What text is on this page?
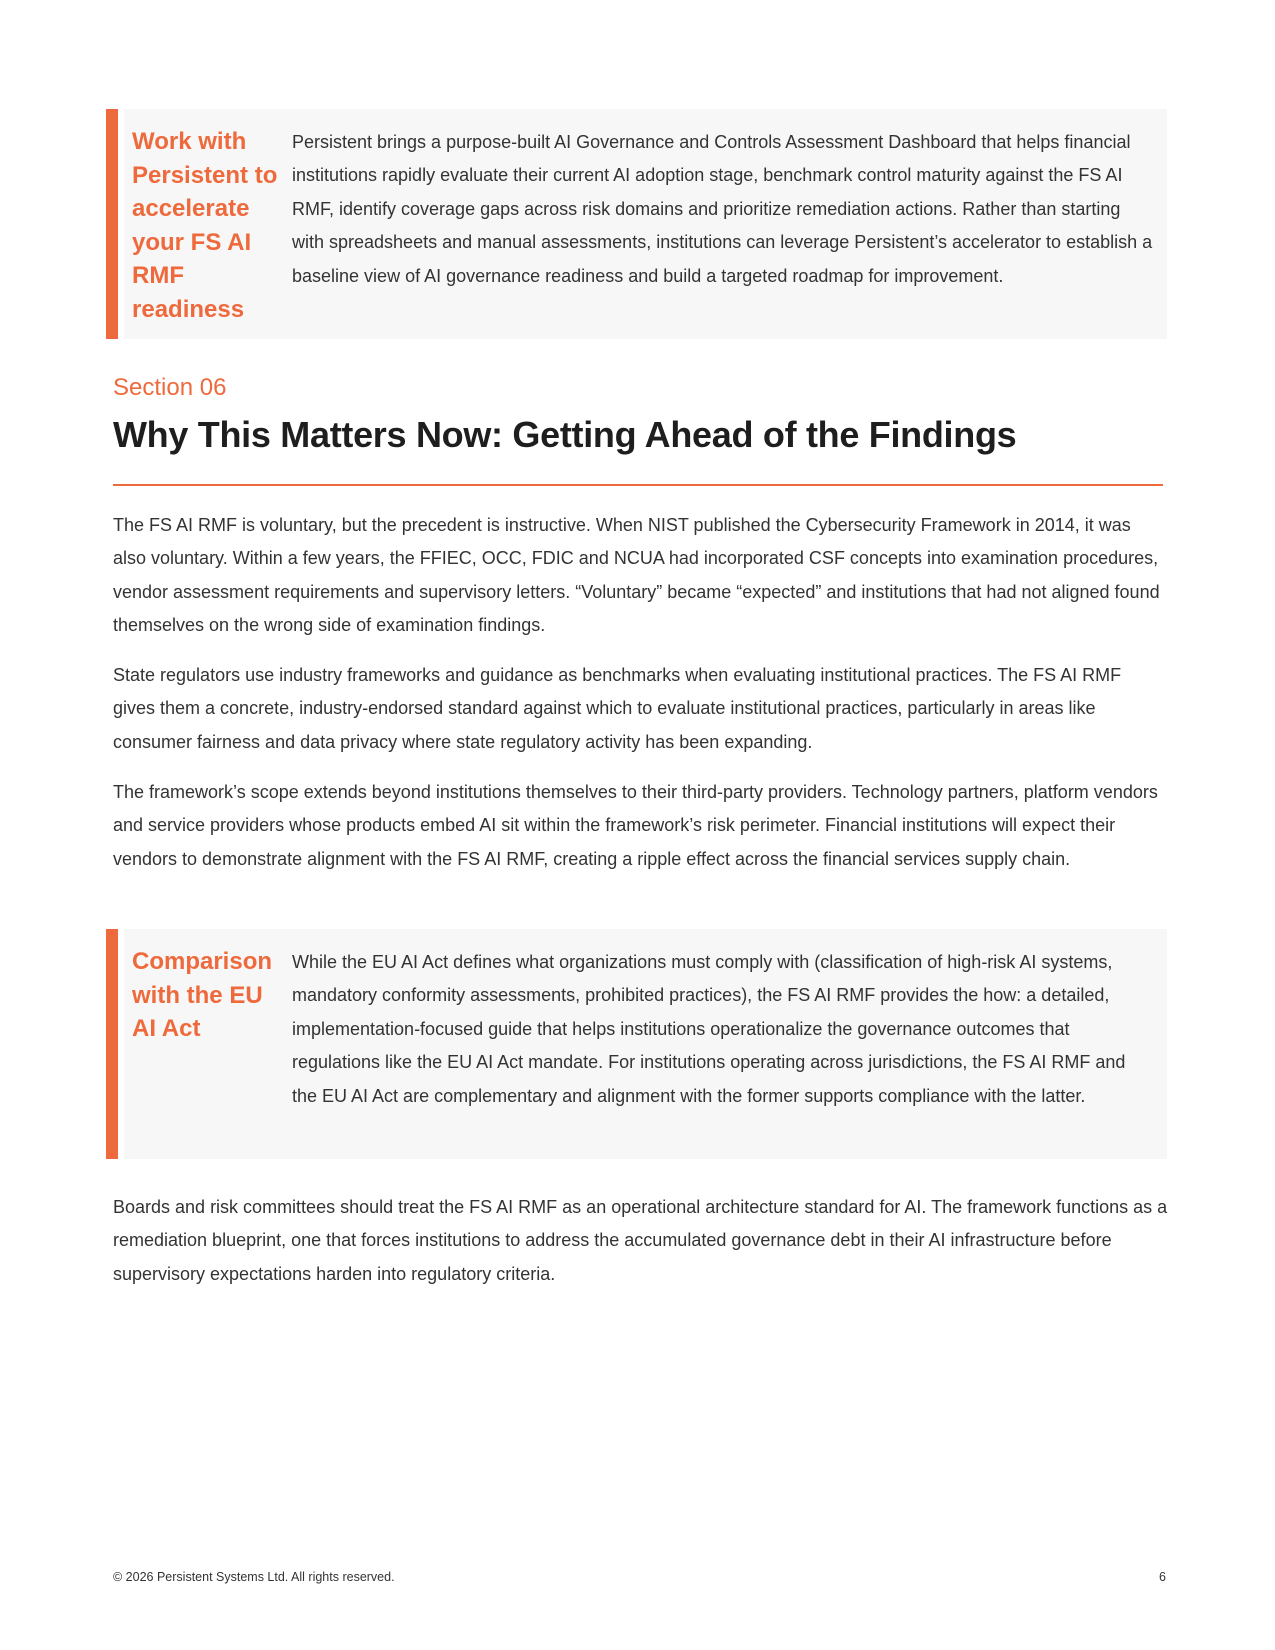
Work with Persistent to accelerate your FS AI RMF readiness
Persistent brings a purpose-built AI Governance and Controls Assessment Dashboard that helps financial institutions rapidly evaluate their current AI adoption stage, benchmark control maturity against the FS AI RMF, identify coverage gaps across risk domains and prioritize remediation actions. Rather than starting with spreadsheets and manual assessments, institutions can leverage Persistent’s accelerator to establish a baseline view of AI governance readiness and build a targeted roadmap for improvement.
Section 06
Why This Matters Now: Getting Ahead of the Findings

The FS AI RMF is voluntary, but the precedent is instructive. When NIST published the Cybersecurity Framework in 2014, it was also voluntary. Within a few years, the FFIEC, OCC, FDIC and NCUA had incorporated CSF concepts into examination procedures, vendor assessment requirements and supervisory letters. “Voluntary” became “expected” and institutions that had not aligned found themselves on the wrong side of examination findings.

State regulators use industry frameworks and guidance as benchmarks when evaluating institutional practices. The FS AI RMF gives them a concrete, industry-endorsed standard against which to evaluate institutional practices, particularly in areas like consumer fairness and data privacy where state regulatory activity has been expanding.

The framework’s scope extends beyond institutions themselves to their third-party providers. Technology partners, platform vendors and service providers whose products embed AI sit within the framework’s risk perimeter. Financial institutions will expect their vendors to demonstrate alignment with the FS AI RMF, creating a ripple effect across the financial services supply chain.

Comparison with the EU AI Act
While the EU AI Act defines what organizations must comply with (classification of high-risk AI systems, mandatory conformity assessments, prohibited practices), the FS AI RMF provides the how: a detailed, implementation-focused guide that helps institutions operationalize the governance outcomes that regulations like the EU AI Act mandate. For institutions operating across jurisdictions, the FS AI RMF and the EU AI Act are complementary and alignment with the former supports compliance with the latter.

Boards and risk committees should treat the FS AI RMF as an operational architecture standard for AI. The framework functions as a remediation blueprint, one that forces institutions to address the accumulated governance debt in their AI infrastructure before supervisory expectations harden into regulatory criteria.

© 2026 Persistent Systems Ltd. All rights reserved.	6
